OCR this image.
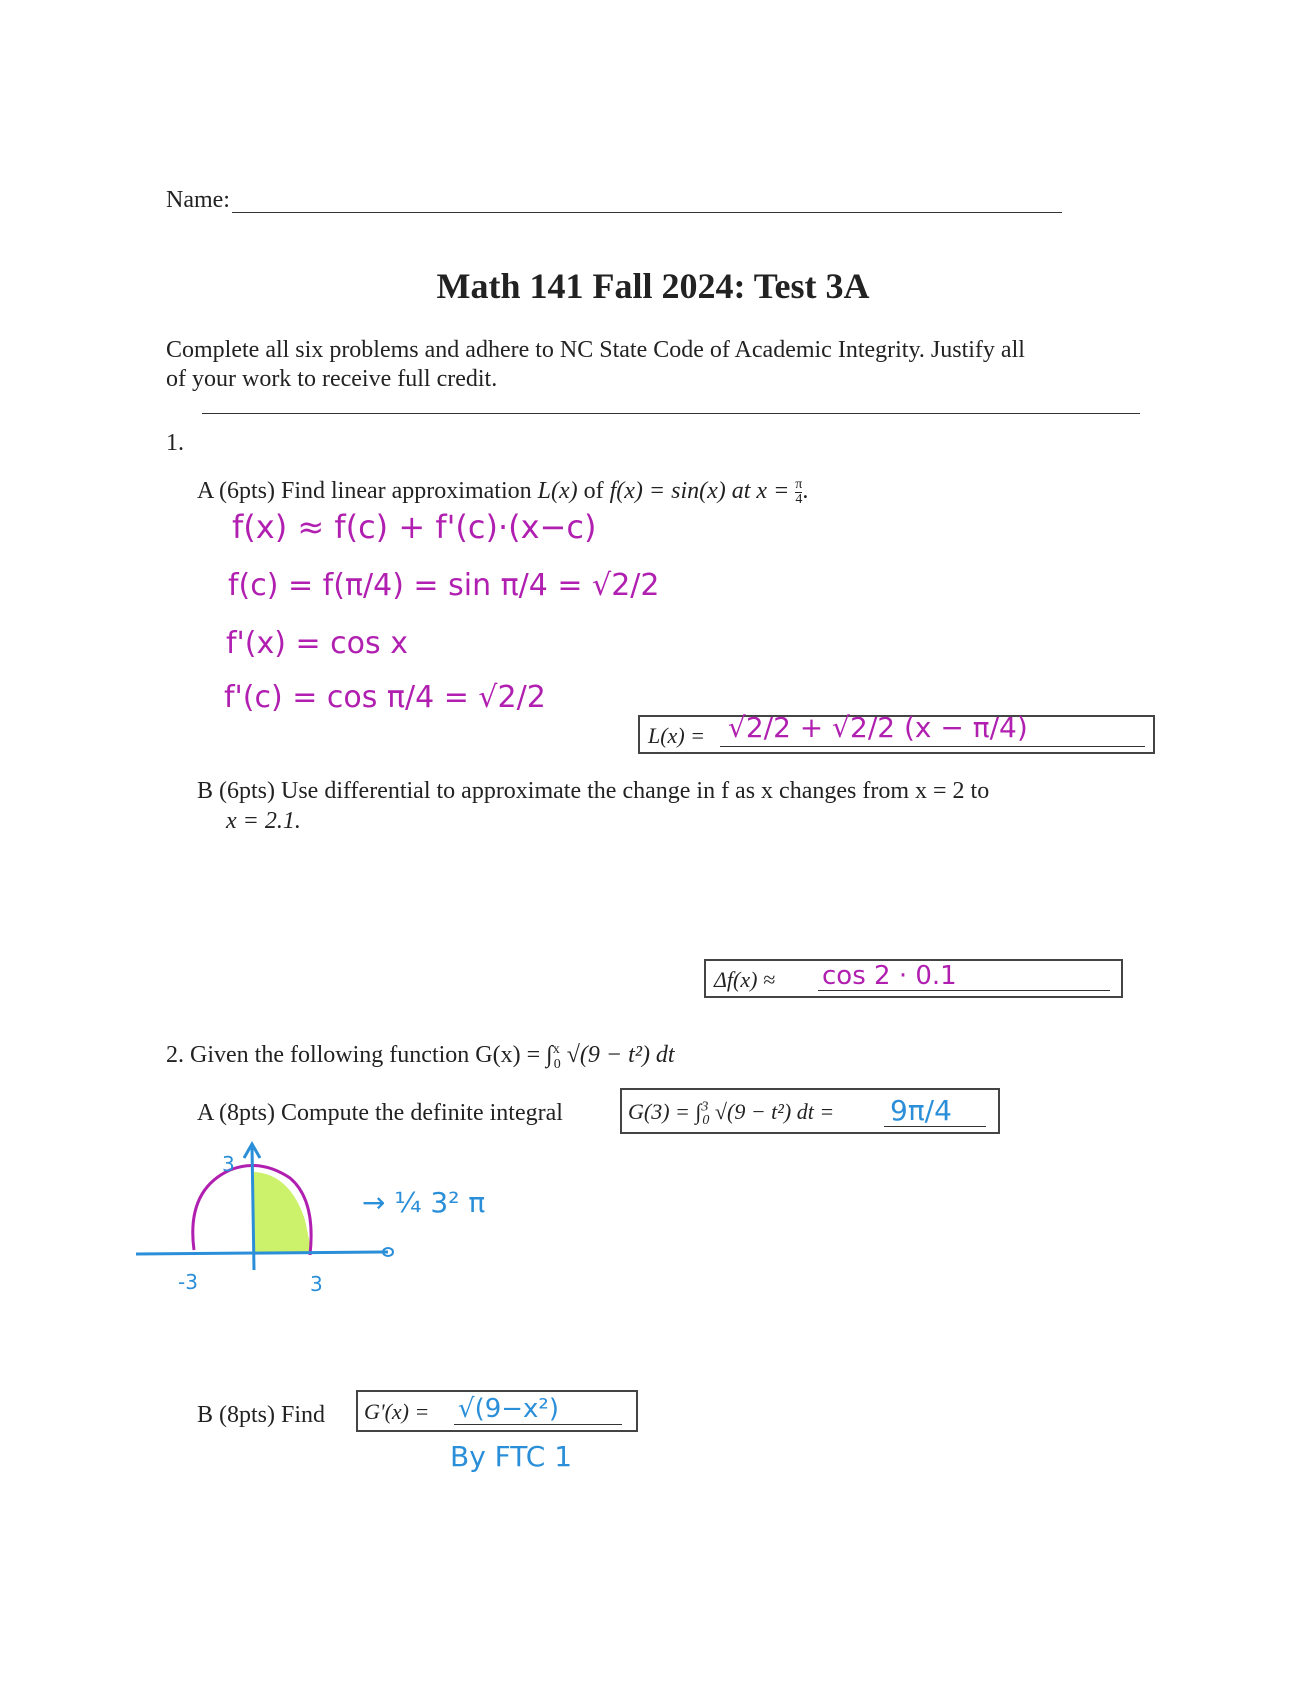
Name:
Math 141 Fall 2024: Test 3A
Complete all six problems and adhere to NC State Code of Academic Integrity. Justify all
of your work to receive full credit.
1.
A (6pts) Find linear approximation L(x) of f(x) = sin(x) at $x = \frac{\pi}{4}$ .
f(x) ≈ f(c) + f'(c)·(x−c)
f(c) = f(π/4) = sin π/4 = √2/2
f'(x) = cos x
f'(c) = cos π/4 = √2/2
L(x) = √2/2 + √2/2 (x − π/4)
B (6pts) Use differential to approximate the change in f as x changes from x = 2 to
x = 2.1.
Δf(x) ≈ cos 2 · 0.1
2. Given the following function G(x) = ∫$^x_0$ √(9 − t²) dt
A (8pts) Compute the definite integral	G(3) = ∫$^3_0$ √(9 − t²) dt = 9π/4
3
-3	3
→ ¼ 3² π
B (8pts) Find G'(x) = √(9−x²)
By FTC 1
